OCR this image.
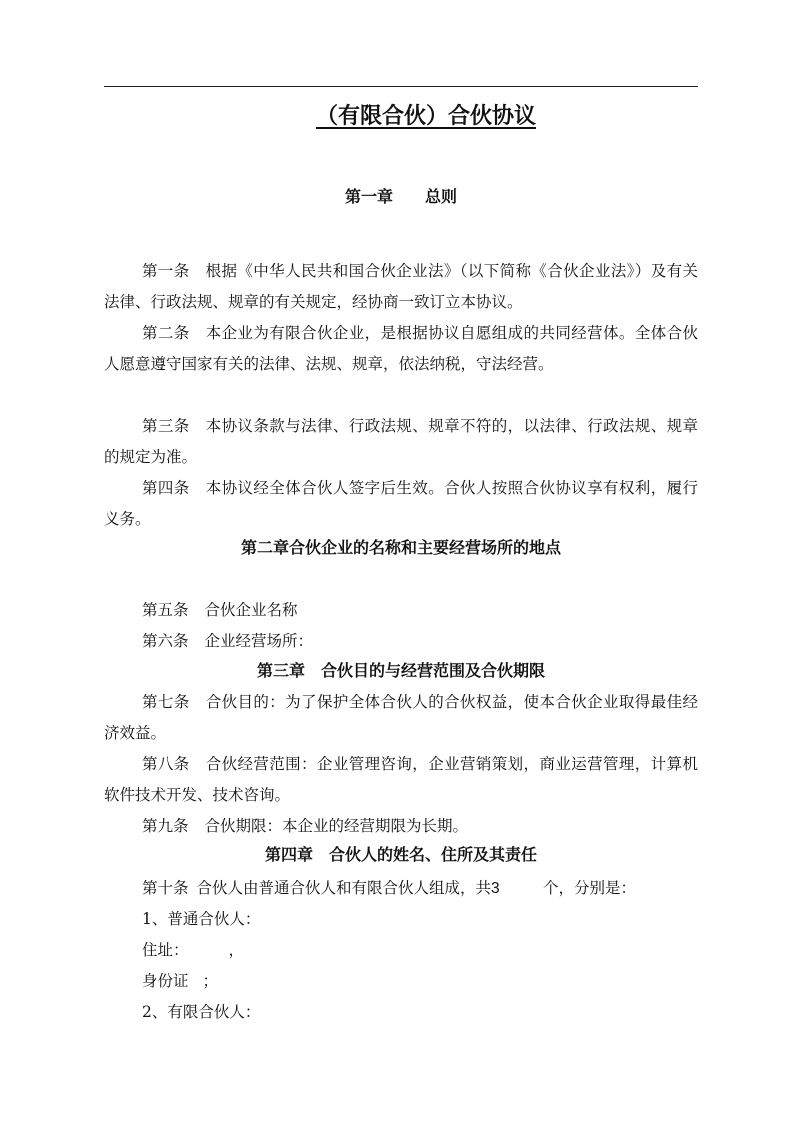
（有限合伙）合伙协议
第一章　　总则
第一条 根据《中华人民共和国合伙企业法》（以下简称《合伙企业法》）及有关法律、行政法规、规章的有关规定，经协商一致订立本协议。
第二条 本企业为有限合伙企业，是根据协议自愿组成的共同经营体。全体合伙人愿意遵守国家有关的法律、法规、规章，依法纳税，守法经营。
第三条 本协议条款与法律、行政法规、规章不符的，以法律、行政法规、规章的规定为准。
第四条 本协议经全体合伙人签字后生效。合伙人按照合伙协议享有权利，履行义务。
第二章合伙企业的名称和主要经营场所的地点
第五条 合伙企业名称
第六条 企业经营场所：
第三章　合伙目的与经营范围及合伙期限
第七条 合伙目的：为了保护全体合伙人的合伙权益，使本合伙企业取得最佳经济效益。
第八条 合伙经营范围：企业管理咨询，企业营销策划，商业运营管理，计算机软件技术开发、技术咨询。
第九条 合伙期限：本企业的经营期限为长期。
第四章　合伙人的姓名、住所及其责任
第十条 合伙人由普通合伙人和有限合伙人组成，共3	个，分别是：
1、普通合伙人：
住址：	，
身份证 ；
2、有限合伙人：
